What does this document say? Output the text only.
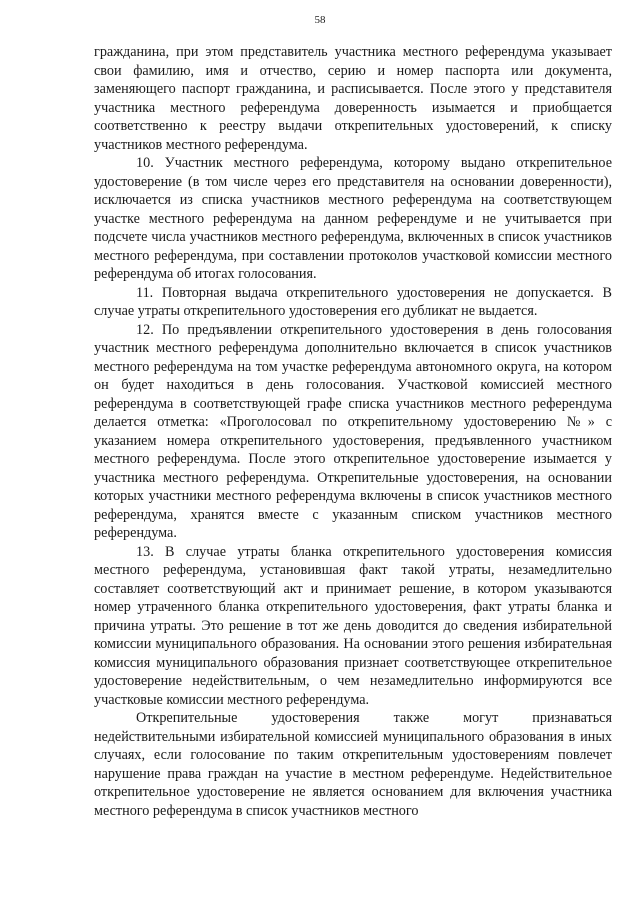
58

гражданина, при этом представитель участника местного референдума указывает свои фамилию, имя и отчество, серию и номер паспорта или документа, заменяющего паспорт гражданина, и расписывается. После этого у представителя участника местного референдума доверенность изымается и приобщается соответственно к реестру выдачи открепительных удостоверений, к списку участников местного референдума.

10. Участник местного референдума, которому выдано открепительное удостоверение (в том числе через его представителя на основании доверенности), исключается из списка участников местного референдума на соответствующем участке местного референдума на данном референдуме и не учитывается при подсчете числа участников местного референдума, включенных в список участников местного референдума, при составлении протоколов участковой комиссии местного референдума об итогах голосования.

11. Повторная выдача открепительного удостоверения не допускается. В случае утраты открепительного удостоверения его дубликат не выдается.

12. По предъявлении открепительного удостоверения в день голосования участник местного референдума дополнительно включается в список участников местного референдума на том участке референдума автономного округа, на котором он будет находиться в день голосования. Участковой комиссией местного референдума в соответствующей графе списка участников местного референдума делается отметка: «Проголосовал по открепительному удостоверению №» с указанием номера открепительного удостоверения, предъявленного участником местного референдума. После этого открепительное удостоверение изымается у участника местного референдума. Открепительные удостоверения, на основании которых участники местного референдума включены в список участников местного референдума, хранятся вместе с указанным списком участников местного референдума.

13. В случае утраты бланка открепительного удостоверения комиссия местного референдума, установившая факт такой утраты, незамедлительно составляет соответствующий акт и принимает решение, в котором указываются номер утраченного бланка открепительного удостоверения, факт утраты бланка и причина утраты. Это решение в тот же день доводится до сведения избирательной комиссии муниципального образования. На основании этого решения избирательная комиссия муниципального образования признает соответствующее открепительное удостоверение недействительным, о чем незамедлительно информируются все участковые комиссии местного референдума.

Открепительные удостоверения также могут признаваться недействительными избирательной комиссией муниципального образования в иных случаях, если голосование по таким открепительным удостоверениям повлечет нарушение права граждан на участие в местном референдуме. Недействительное открепительное удостоверение не является основанием для включения участника местного референдума в список участников местного
